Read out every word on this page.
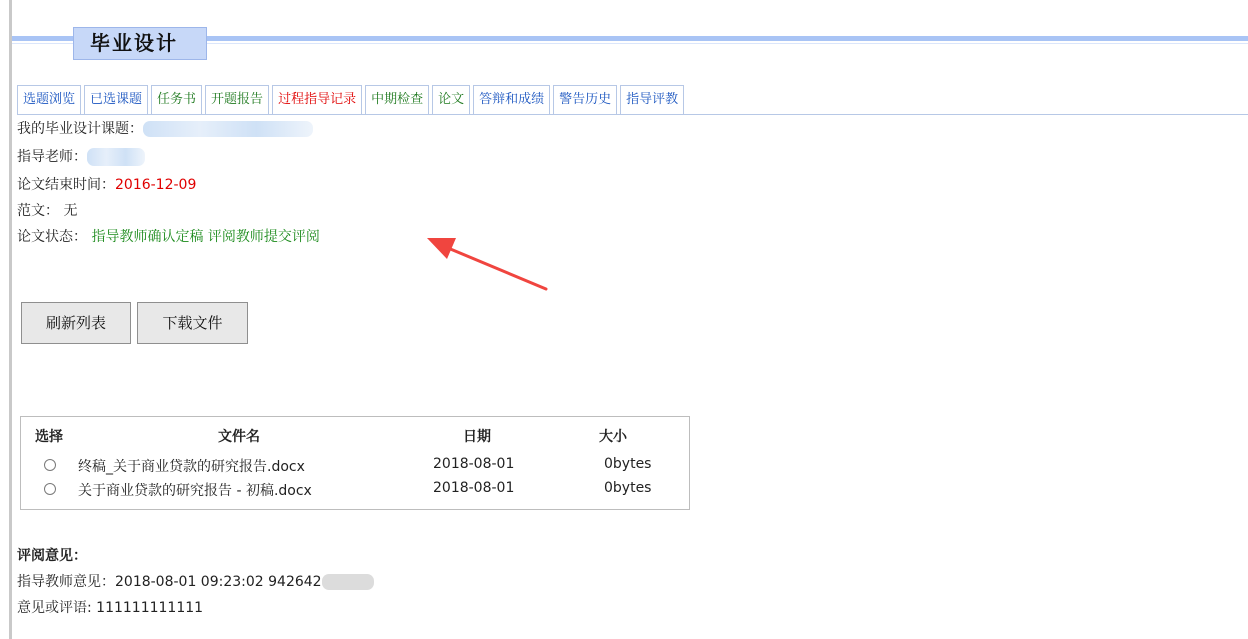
毕业设计
选题浏览	已选课题	任务书	开题报告	过程指导记录	中期检查	论文	答辩和成绩	警告历史	指导评教
我的毕业设计课题：
指导老师：
论文结束时间：2016-12-09
范文： 无
论文状态： 指导教师确认定稿 评阅教师提交评阅
刷新列表	下载文件
选择	文件名	日期	大小
终稿_关于商业贷款的研究报告.docx	2018-08-01	0bytes
关于商业贷款的研究报告 - 初稿.docx	2018-08-01	0bytes
评阅意见：
指导教师意见：2018-08-01 09:23:02 942642
意见或评语: 111111111111
